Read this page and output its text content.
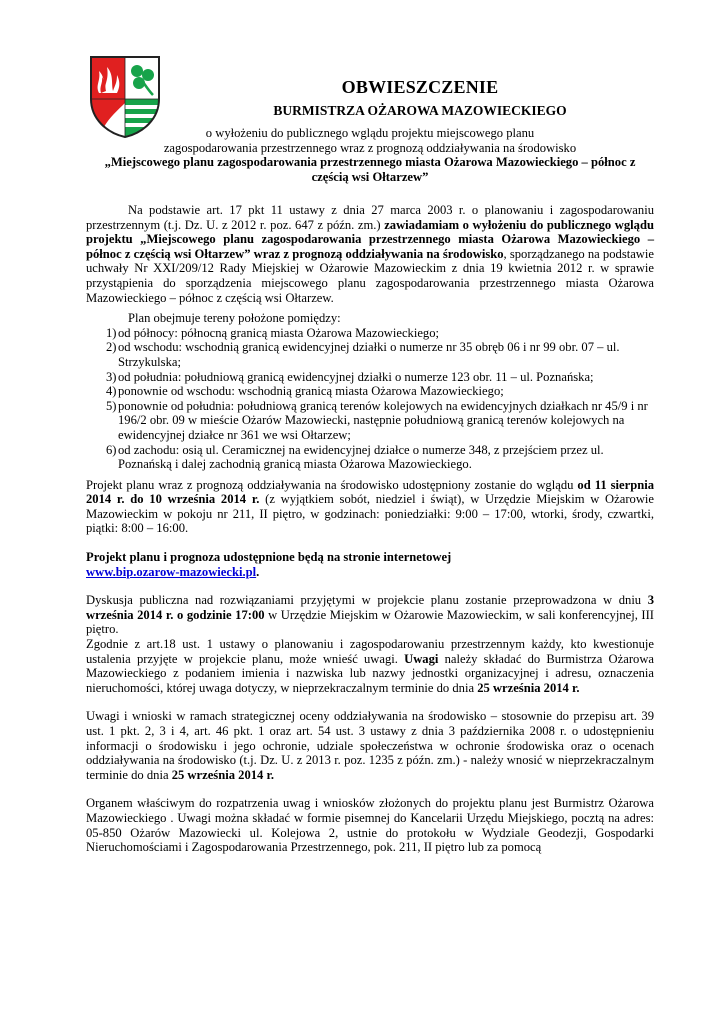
OBWIESZCZENIE
BURMISTRZA OŻAROWA MAZOWIECKIEGO
o wyłożeniu do publicznego wglądu projektu miejscowego planu
zagospodarowania przestrzennego wraz z prognozą oddziaływania na środowisko
„Miejscowego planu zagospodarowania przestrzennego miasta Ożarowa Mazowieckiego – północ z częścią wsi Ołtarzew”

Na podstawie art. 17 pkt 11 ustawy z dnia 27 marca 2003 r. o planowaniu i zagospodarowaniu przestrzennym (t.j. Dz. U. z 2012 r. poz. 647 z późn. zm.) zawiadamiam o wyłożeniu do publicznego wglądu projektu „Miejscowego planu zagospodarowania przestrzennego miasta Ożarowa Mazowieckiego – północ z częścią wsi Ołtarzew” wraz z prognozą oddziaływania na środowisko, sporządzanego na podstawie uchwały Nr XXI/209/12 Rady Miejskiej w Ożarowie Mazowieckim z dnia 19 kwietnia 2012 r. w sprawie przystąpienia do sporządzenia miejscowego planu zagospodarowania przestrzennego miasta Ożarowa Mazowieckiego – północ z częścią wsi Ołtarzew.

Plan obejmuje tereny położone pomiędzy:
1) od północy: północną granicą miasta Ożarowa Mazowieckiego;
2) od wschodu: wschodnią granicą ewidencyjnej działki o numerze nr 35 obręb 06 i nr 99 obr. 07 – ul. Strzykulska;
3) od południa: południową granicą ewidencyjnej działki o numerze 123 obr. 11 – ul. Poznańska;
4) ponownie od wschodu: wschodnią granicą miasta Ożarowa Mazowieckiego;
5) ponownie od południa: południową granicą terenów kolejowych na ewidencyjnych działkach nr 45/9 i nr 196/2 obr. 09 w mieście Ożarów Mazowiecki, następnie południową granicą terenów kolejowych na ewidencyjnej działce nr 361 we wsi Ołtarzew;
6) od zachodu: osią ul. Ceramicznej na ewidencyjnej działce o numerze 348, z przejściem przez ul. Poznańską i dalej zachodnią granicą miasta Ożarowa Mazowieckiego.

Projekt planu wraz z prognozą oddziaływania na środowisko udostępniony zostanie do wglądu od 11 sierpnia 2014 r. do 10 września 2014 r. (z wyjątkiem sobót, niedziel i świąt), w Urzędzie Miejskim w Ożarowie Mazowieckim w pokoju nr 211, II piętro, w godzinach: poniedziałki: 9:00 – 17:00, wtorki, środy, czwartki, piątki: 8:00 – 16:00.

Projekt planu i prognoza udostępnione będą na stronie internetowej
www.bip.ozarow-mazowiecki.pl.

Dyskusja publiczna nad rozwiązaniami przyjętymi w projekcie planu zostanie przeprowadzona w dniu 3 września 2014 r. o godzinie 17:00 w Urzędzie Miejskim w Ożarowie Mazowieckim, w sali konferencyjnej, III piętro.

Zgodnie z art.18 ust. 1 ustawy o planowaniu i zagospodarowaniu przestrzennym każdy, kto kwestionuje ustalenia przyjęte w projekcie planu, może wnieść uwagi. Uwagi należy składać do Burmistrza Ożarowa Mazowieckiego z podaniem imienia i nazwiska lub nazwy jednostki organizacyjnej i adresu, oznaczenia nieruchomości, której uwaga dotyczy, w nieprzekraczalnym terminie do dnia 25 września 2014 r.

Uwagi i wnioski w ramach strategicznej oceny oddziaływania na środowisko – stosownie do przepisu art. 39 ust. 1 pkt. 2, 3 i 4, art. 46 pkt. 1 oraz art. 54 ust. 3 ustawy z dnia 3 października 2008 r. o udostępnieniu informacji o środowisku i jego ochronie, udziale społeczeństwa w ochronie środowiska oraz o ocenach oddziaływania na środowisko (t.j. Dz. U. z 2013 r. poz. 1235 z późn. zm.) - należy wnosić w nieprzekraczalnym terminie do dnia 25 września 2014 r.

Organem właściwym do rozpatrzenia uwag i wniosków złożonych do projektu planu jest Burmistrz Ożarowa Mazowieckiego . Uwagi można składać w formie pisemnej do Kancelarii Urzędu Miejskiego, pocztą na adres: 05-850 Ożarów Mazowiecki ul. Kolejowa 2, ustnie do protokołu w Wydziale Geodezji, Gospodarki Nieruchomościami i Zagospodarowania Przestrzennego, pok. 211, II piętro lub za pomocą
